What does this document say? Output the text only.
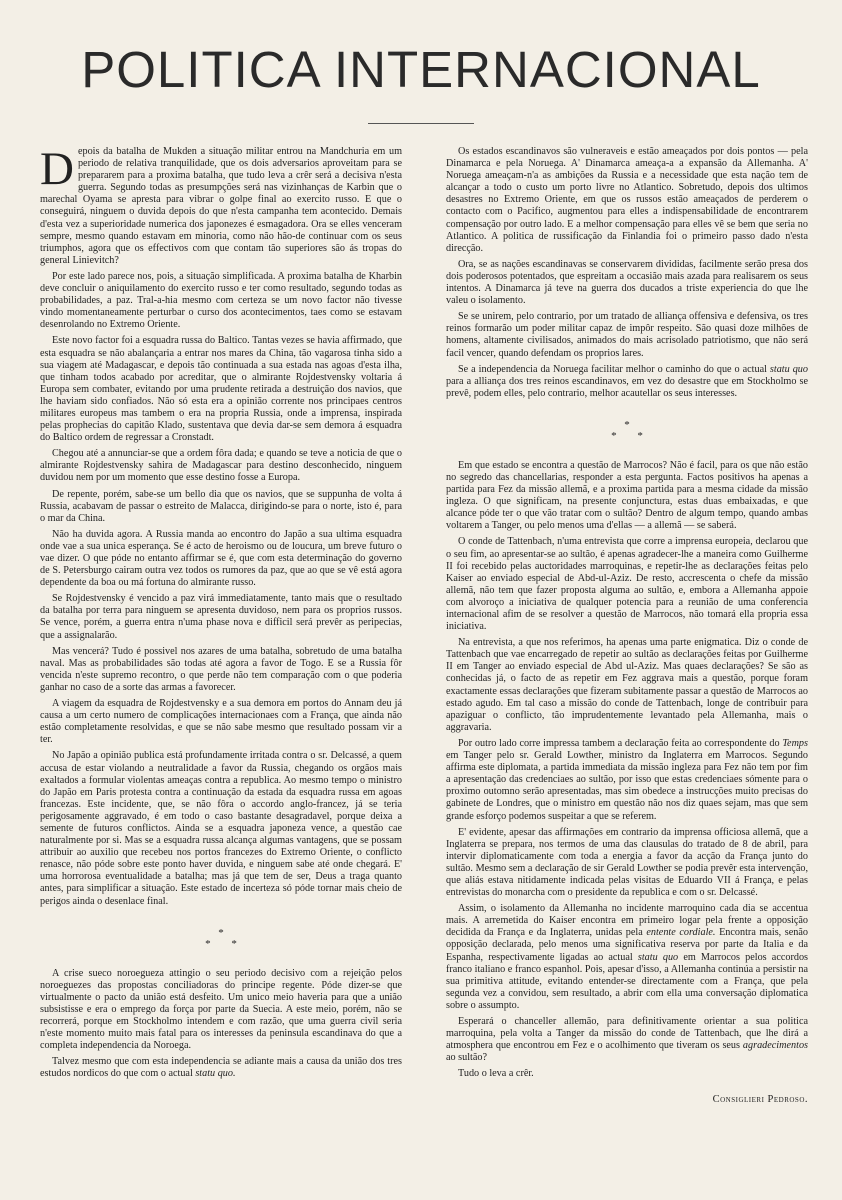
POLITICA INTERNACIONAL

Depois da batalha de Mukden a situação militar entrou na Mandchuria em um periodo de relativa tranquilidade, que os dois adversarios aproveitam para se prepararem para a proxima batalha, que tudo leva a crêr será a decisiva n'esta guerra. Segundo todas as presumpções será nas vizinhanças de Karbin que o marechal Oyama se apresta para vibrar o golpe final ao exercito russo. E que o conseguirá, ninguem o duvida depois do que n'esta campanha tem acontecido. Demais d'esta vez a superioridade numerica dos japonezes é esmagadora. Ora se elles venceram sempre, mesmo quando estavam em minoria, como não hão-de continuar com os seus triumphos, agora que os effectivos com que contam tão superiores são ás tropas do general Linievitch?

Por este lado parece nos, pois, a situação simplificada. A proxima batalha de Kharbin deve concluir o aniquilamento do exercito russo e ter como resultado, segundo todas as probabilidades, a paz. Tral-a-hia mesmo com certeza se um novo factor não tivesse vindo momentaneamente perturbar o curso dos acontecimentos, taes como se estavam desenrolando no Extremo Oriente.

Este novo factor foi a esquadra russa do Baltico. Tantas vezes se havia affirmado, que esta esquadra se não abalançaria a entrar nos mares da China, tão vagarosa tinha sido a sua viagem até Madagascar, e depois tão continuada a sua estada nas agoas d'esta ilha, que tinham todos acabado por acreditar, que o almirante Rojdestvensky voltaria á Europa sem combater, evitando por uma prudente retirada a destruição dos navios, que lhe haviam sido confiados. Não só esta era a opinião corrente nos principaes centros militares europeus mas tambem o era na propria Russia, onde a imprensa, inspirada pelas prophecias do capitão Klado, sustentava que devia dar-se sem demora á esquadra do Baltico ordem de regressar a Cronstadt.

Chegou até a annunciar-se que a ordem fôra dada; e quando se teve a noticia de que o almirante Rojdestvensky sahira de Madagascar para destino desconhecido, ninguem duvidou nem por um momento que esse destino fosse a Europa.

De repente, porém, sabe-se um bello dia que os navios, que se suppunha de volta á Russia, acabavam de passar o estreito de Malacca, dirigindo-se para o norte, isto é, para o mar da China.

Não ha duvida agora. A Russia manda ao encontro do Japão a sua ultima esquadra onde vae a sua unica esperança. Se é acto de heroismo ou de loucura, um breve futuro o vae dizer. O que póde no entanto affirmar se é, que com esta determinação do governo de S. Petersburgo cairam outra vez todos os rumores da paz, que ao que se vê está agora dependente da boa ou má fortuna do almirante russo.

Se Rojdestvensky é vencido a paz virá immediatamente, tanto mais que o resultado da batalha por terra para ninguem se apresenta duvidoso, nem para os proprios russos. Se vence, porém, a guerra entra n'uma phase nova e difficil será prevêr as peripecias, que a assignalarão.

Mas vencerá? Tudo é possivel nos azares de uma batalha, sobretudo de uma batalha naval. Mas as probabilidades são todas até agora a favor de Togo. E se a Russia fôr vencida n'este supremo recontro, o que perde não tem comparação com o que poderia ganhar no caso de a sorte das armas a favorecer.

A viagem da esquadra de Rojdestvensky e a sua demora em portos do Annam deu já causa a um certo numero de complicações internacionaes com a França, que ainda não estão completamente resolvidas, e que se não sabe mesmo que resultado possam vir a ter.

No Japão a opinião publica está profundamente irritada contra o sr. Delcassé, a quem accusa de estar violando a neutralidade a favor da Russia, chegando os orgãos mais exaltados a formular violentas ameaças contra a republica. Ao mesmo tempo o ministro do Japão em Paris protesta contra a continuação da estada da esquadra russa em agoas francezas. Este incidente, que, se não fôra o accordo anglo-francez, já se teria perigosamente aggravado, é em todo o caso bastante desagradavel, porque deixa a semente de futuros conflictos. Ainda se a esquadra japoneza vence, a questão cae naturalmente por si. Mas se a esquadra russa alcança algumas vantagens, que se possam attribuir ao auxilio que recebeu nos portos francezes do Extremo Oriente, o conflicto renasce, não póde sobre este ponto haver duvida, e ninguem sabe até onde chegará. E' uma horrorosa eventualidade a batalha; mas já que tem de ser, Deus a traga quanto antes, para simplificar a situação. Este estado de incerteza só póde tornar mais cheio de perigos ainda o desenlace final.

*
* *

A crise sueco noroegueza attingio o seu periodo decisivo com a rejeição pelos noroeguezes das propostas conciliadoras do principe regente. Póde dizer-se que virtualmente o pacto da união está desfeito. Um unico meio haveria para que a união subsistisse e era o emprego da força por parte da Suecia. A este meio, porém, não se recorrerá, porque em Stockholmo intendem e com razão, que uma guerra civil seria n'este momento muito mais fatal para os interesses da peninsula escandinava do que a completa independencia da Noroega.

Talvez mesmo que com esta independencia se adiante mais a causa da união dos tres estudos nordicos do que com o actual statu quo.

Os estados escandinavos são vulneraveis e estão ameaçados por dois pontos — pela Dinamarca e pela Noruega. A' Dinamarca ameaça-a a expansão da Allemanha. A' Noruega ameaçam-n'a as ambições da Russia e a necessidade que esta nação tem de alcançar a todo o custo um porto livre no Atlantico. Sobretudo, depois dos ultimos desastres no Extremo Oriente, em que os russos estão ameaçados de perderem o contacto com o Pacifico, augmentou para elles a indispensabilidade de encontrarem compensação por outro lado. E a melhor compensação para elles vê se bem que seria no Atlantico. A politica de russificação da Finlandia foi o primeiro passo dado n'esta direcção.

Ora, se as nações escandinavas se conservarem divididas, facilmente serão presa dos dois poderosos potentados, que espreitam a occasião mais azada para realisarem os seus intentos. A Dinamarca já teve na guerra dos ducados a triste experiencia do que lhe valeu o isolamento.

Se se unirem, pelo contrario, por um tratado de alliança offensiva e defensiva, os tres reinos formarão um poder militar capaz de impôr respeito. São quasi doze milhões de homens, altamente civilisados, animados do mais acrisolado patriotismo, que não será facil vencer, quando defendam os proprios lares.

Se a independencia da Noruega facilitar melhor o caminho do que o actual statu quo para a alliança dos tres reinos escandinavos, em vez do desastre que em Stockholmo se prevê, podem elles, pelo contrario, melhor acautellar os seus interesses.

*
* *

Em que estado se encontra a questão de Marrocos? Não é facil, para os que não estão no segredo das chancellarias, responder a esta pergunta. Factos positivos ha apenas a partida para Fez da missão allemã, e a proxima partida para a mesma cidade da missão ingleza. O que significam, na presente conjunctura, estas duas embaixadas, e que alcance póde ter o que vão tratar com o sultão? Dentro de algum tempo, quando ambas voltarem a Tanger, ou pelo menos uma d'ellas — a allemã — se saberá.

O conde de Tattenbach, n'uma entrevista que corre a imprensa europeia, declarou que o seu fim, ao apresentar-se ao sultão, é apenas agradecer-lhe a maneira como Guilherme II foi recebido pelas auctoridades marroquinas, e repetir-lhe as declarações feitas pelo Kaiser ao enviado especial de Abd-ul-Aziz. De resto, accrescenta o chefe da missão allemã, não tem que fazer proposta alguma ao sultão, e, embora a Allemanha appoie com alvoroço a iniciativa de qualquer potencia para a reunião de uma conferencia internacional afim de se resolver a questão de Marrocos, não tomará ella propria essa iniciativa.

Na entrevista, a que nos referimos, ha apenas uma parte enigmatica. Diz o conde de Tattenbach que vae encarregado de repetir ao sultão as declarações feitas por Guilherme II em Tanger ao enviado especial de Abd ul-Aziz. Mas quaes declarações? Se são as conhecidas já, o facto de as repetir em Fez aggrava mais a questão, porque foram exactamente essas declarações que fizeram subitamente passar a questão de Marrocos ao estado agudo. Em tal caso a missão do conde de Tattenbach, longe de contribuir para apaziguar o conflicto, tão imprudentemente levantado pela Allemanha, mais o aggravaria.

Por outro lado corre impressa tambem a declaração feita ao correspondente do Temps em Tanger pelo sr. Gerald Lowther, ministro da Inglaterra em Marrocos. Segundo affirma este diplomata, a partida immediata da missão ingleza para Fez não tem por fim a apresentação das credenciaes ao sultão, por isso que estas credenciaes sómente para o proximo outomno serão apresentadas, mas sim obedece a instrucções muito precisas do gabinete de Londres, que o ministro em questão não nos diz quaes sejam, mas que sem grande esforço podemos suspeitar a que se referem.

E' evidente, apesar das affirmações em contrario da imprensa officiosa allemã, que a Inglaterra se prepara, nos termos de uma das clausulas do tratado de 8 de abril, para intervir diplomaticamente com toda a energia a favor da acção da França junto do sultão. Mesmo sem a declaração de sir Gerald Lowther se podia prevêr esta intervenção, que aliás estava nitidamente indicada pelas visitas de Eduardo VII á França, e pelas entrevistas do monarcha com o presidente da republica e com o sr. Delcassé.

Assim, o isolamento da Allemanha no incidente marroquino cada dia se accentua mais. A arremetida do Kaiser encontra em primeiro logar pela frente a opposição decidida da França e da Inglaterra, unidas pela entente cordiale. Encontra mais, senão opposição declarada, pelo menos uma significativa reserva por parte da Italia e da Espanha, respectivamente ligadas ao actual statu quo em Marrocos pelos accordos franco italiano e franco espanhol. Pois, apesar d'isso, a Allemanha continúa a persistir na sua primitiva attitude, evitando entender-se directamente com a França, que pela segunda vez a convidou, sem resultado, a abrir com ella uma conversação diplomatica sobre o assumpto.

Esperará o chanceller allemão, para definitivamente orientar a sua politica marroquina, pela volta a Tanger da missão do conde de Tattenbach, que lhe dirá a atmosphera que encontrou em Fez e o acolhimento que tiveram os seus agradecimentos ao sultão?

Tudo o leva a crêr.

Consiglieri Pedroso.
